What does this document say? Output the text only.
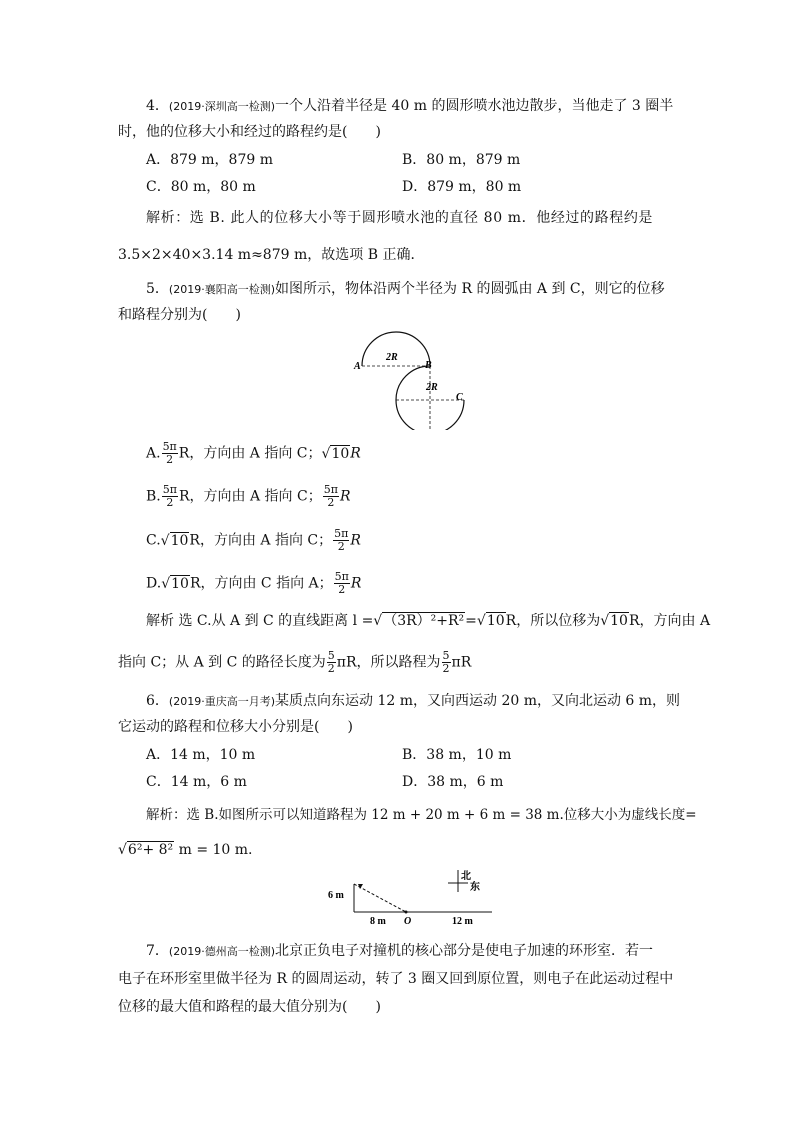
4．(2019·深圳高一检测)一个人沿着半径是 40 m 的圆形喷水池边散步，当他走了 3 圈半
时，他的位移大小和经过的路程约是(　　)
A．879 m，879 m	B．80 m，879 m
C．80 m，80 m	D．879 m，80 m
解析：选 B. 此人的位移大小等于圆形喷水池的直径 80 m．他经过的路程约是
3.5×2×40×3.14 m≈879 m，故选项 B 正确．
5．(2019·襄阳高一检测)如图所示，物体沿两个半径为 R 的圆弧由 A 到 C，则它的位移
和路程分别为(　　)
2R
A	B
2R
C
A. $\frac{5\pi}{2}$ R，方向由 A 指向 C；√10R
B. $\frac{5\pi}{2}$ R，方向由 A 指向 C； $\frac{5\pi}{2}$ R
C.√10R，方向由 A 指向 C； $\frac{5\pi}{2}$ R
D.√10R，方向由 C 指向 A； $\frac{5\pi}{2}$ R
解析 选 C.从 A 到 C 的直线距离 l =√（3R）²+R²=√10R，所以位移为√10R，方向由 A
指向 C；从 A 到 C 的路径长度为 $\frac{5}{2}$ πR，所以路程为 $\frac{5}{2}$ πR
6．(2019·重庆高一月考)某质点向东运动 12 m，又向西运动 20 m，又向北运动 6 m，则
它运动的路程和位移大小分别是(　　)
A．14 m，10 m	B．38 m，10 m
C．14 m，6 m	D．38 m，6 m
解析：选 B.如图所示可以知道路程为 12 m + 20 m + 6 m = 38 m.位移大小为虚线长度=
√6²+ 8² m = 10 m.
6 m
8 m O	12 m
北
东
7．(2019·德州高一检测)北京正负电子对撞机的核心部分是使电子加速的环形室．若一
电子在环形室里做半径为 R 的圆周运动，转了 3 圈又回到原位置，则电子在此运动过程中
位移的最大值和路程的最大值分别为(　　)
